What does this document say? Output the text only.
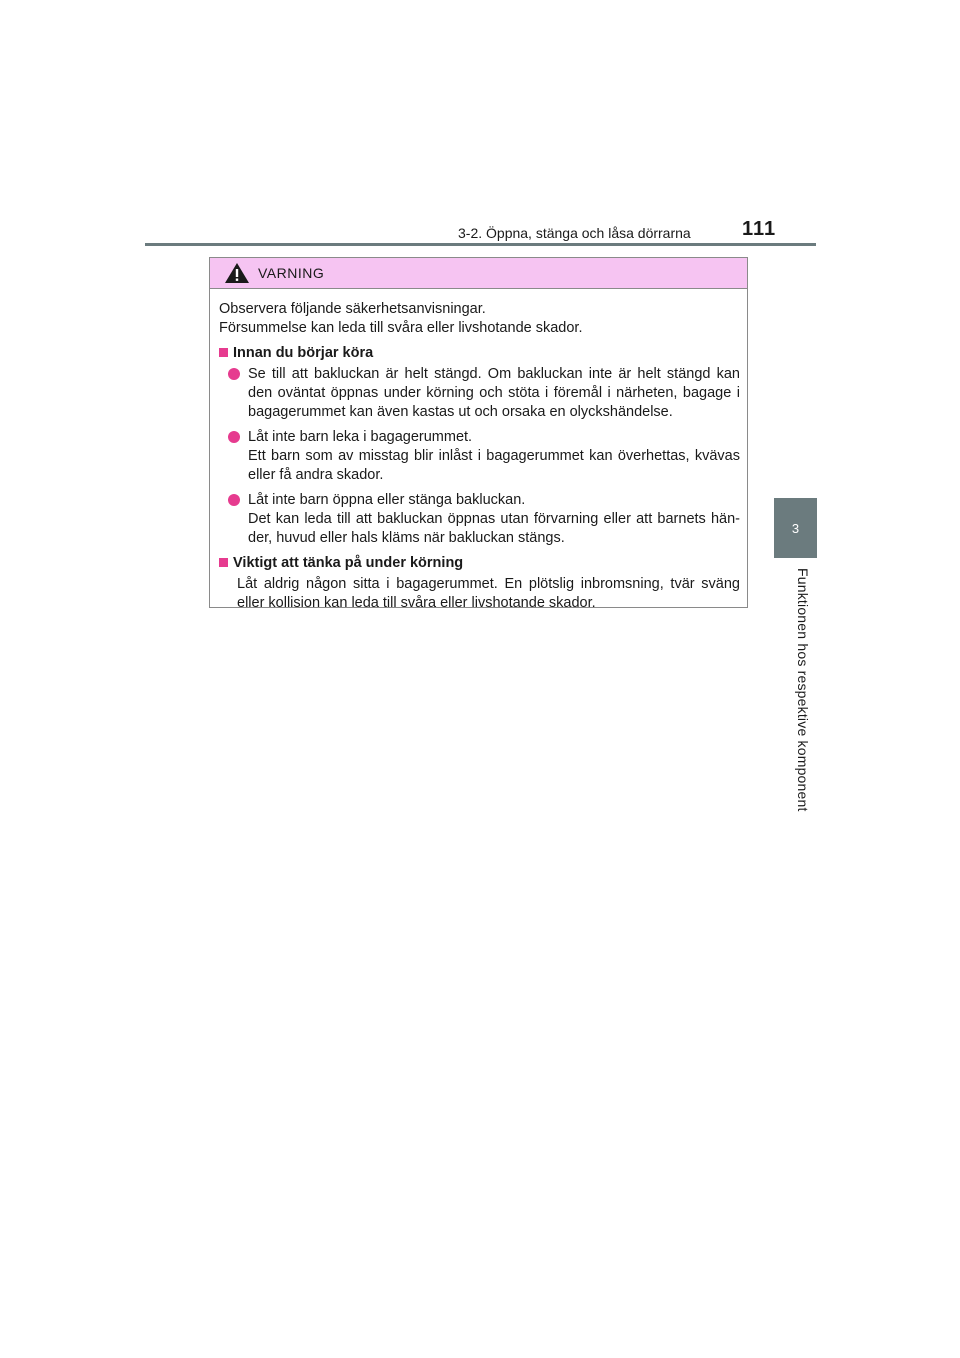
3-2. Öppna, stänga och låsa dörrarna	111
3
Funktionen hos respektive komponent
VARNING

Observera följande säkerhetsanvisningar.
Försummelse kan leda till svåra eller livshotande skador.

Innan du börjar köra
Se till att bakluckan är helt stängd. Om bakluckan inte är helt stängd kan den oväntat öppnas under körning och stöta i föremål i närheten, bagage i bagagerummet kan även kastas ut och orsaka en olyckshändelse.
Låt inte barn leka i bagagerummet.
Ett barn som av misstag blir inlåst i bagagerummet kan överhettas, kvävas eller få andra skador.
Låt inte barn öppna eller stänga bakluckan.
Det kan leda till att bakluckan öppnas utan förvarning eller att barnets hän-der, huvud eller hals kläms när bakluckan stängs.
Viktigt att tänka på under körning

Låt aldrig någon sitta i bagagerummet. En plötslig inbromsning, tvär sväng eller kollision kan leda till svåra eller livshotande skador.
